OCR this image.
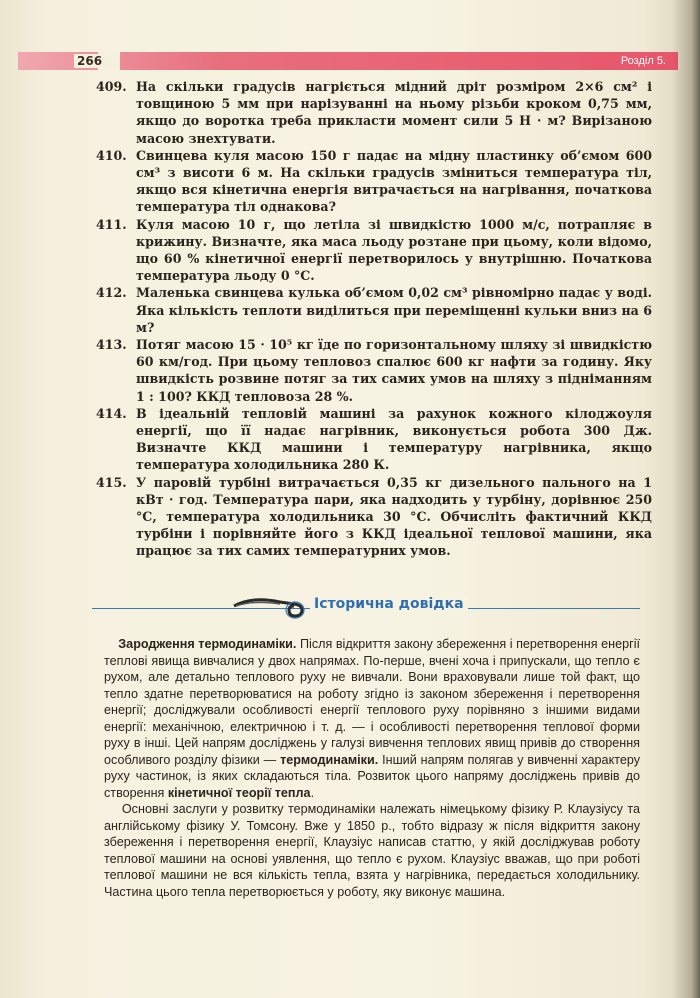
266	Розділ 5.
409. На скільки градусів нагріється мідний дріт розміром 2×6 см² і товщиною 5 мм при нарізуванні на ньому різьби кроком 0,75 мм, якщо до воротка треба прикласти момент сили 5 Н · м? Вирізаною масою знехтувати.
410. Свинцева куля масою 150 г падає на мідну пластинку об’ємом 600 см³ з висоти 6 м. На скільки градусів зміниться температура тіл, якщо вся кінетична енергія витрачається на нагрівання, початкова температура тіл однакова?
411. Куля масою 10 г, що летіла зі швидкістю 1000 м/с, потрапляє в крижину. Визначте, яка маса льоду розтане при цьому, коли відомо, що 60 % кінетичної енергії перетворилось у внутрішню. Початкова температура льоду 0 °С.
412. Маленька свинцева кулька об’ємом 0,02 см³ рівномірно падає у воді. Яка кількість теплоти виділиться при переміщенні кульки вниз на 6 м?
413. Потяг масою 15 · 10⁵ кг їде по горизонтальному шляху зі швидкістю 60 км/год. При цьому тепловоз спалює 600 кг нафти за годину. Яку швидкість розвине потяг за тих самих умов на шляху з підніманням 1 : 100? ККД тепловоза 28 %.
414. В ідеальній тепловій машині за рахунок кожного кілоджоуля енергії, що її надає нагрівник, виконується робота 300 Дж. Визначте ККД машини і температуру нагрівника, якщо температура холодильника 280 К.
415. У паровій турбіні витрачається 0,35 кг дизельного пального на 1 кВт · год. Температура пари, яка надходить у турбіну, дорівнює 250 °С, температура холодильника 30 °С. Обчисліть фактичний ККД турбіни і порівняйте його з ККД ідеальної теплової машини, яка працює за тих самих температурних умов.
Історична довідка

Зародження термодинаміки. Після відкриття закону збереження і перетворення енергії теплові явища вивчалися у двох напрямах. По-перше, вчені хоча і припускали, що тепло є рухом, але детально теплового руху не вивчали. Вони враховували лише той факт, що тепло здатне перетворюватися на роботу згідно із законом збереження і перетворення енергії; досліджували особливості енергії теплового руху порівняно з іншими видами енергії: механічною, електричною і т. д. — і особливості перетворення теплової форми руху в інші. Цей напрям досліджень у галузі вивчення теплових явищ привів до створення особливого розділу фізики — термодинаміки. Інший напрям полягав у вивченні характеру руху частинок, із яких складаються тіла. Розвиток цього напряму досліджень привів до створення кінетичної теорії тепла.

Основні заслуги у розвитку термодинаміки належать німецькому фізику Р. Клаузіусу та англійському фізику У. Томсону. Вже у 1850 р., тобто відразу ж після відкриття закону збереження і перетворення енергії, Клаузіус написав статтю, у якій досліджував роботу теплової машини на основі уявлення, що тепло є рухом. Клаузіус вважав, що при роботі теплової машини не вся кількість тепла, взята у нагрівника, передається холодильнику. Частина цього тепла перетворюється у роботу, яку виконує машина.
